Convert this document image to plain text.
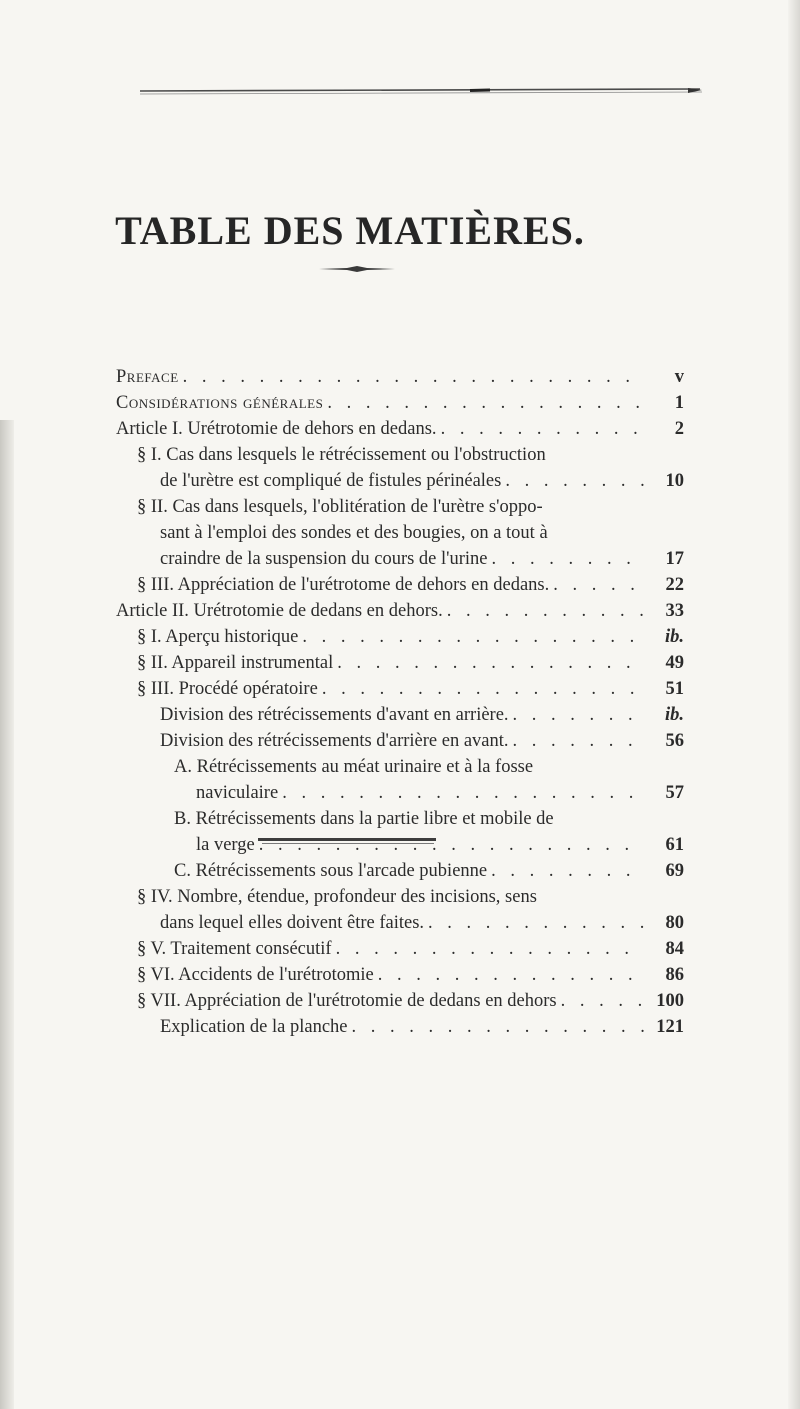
TABLE DES MATIÈRES.
Preface . . .	v
Considérations générales . . .	1
Article I. Urétrotomie de dehors en dedans. . . .	2
§ I. Cas dans lesquels le rétrécissement ou l'obstruction
de l'urètre est compliqué de fistules périnéales . . .	10
§ II. Cas dans lesquels, l'oblitération de l'urètre s'oppo-
sant à l'emploi des sondes et des bougies, on a tout à
craindre de la suspension du cours de l'urine . . .	17
§ III. Appréciation de l'urétrotome de dehors en dedans. . . .	22
Article II. Urétrotomie de dedans en dehors. . . .	33
§ I. Aperçu historique . . .	ib.
§ II. Appareil instrumental . . .	49
§ III. Procédé opératoire . . .	51
Division des rétrécissements d'avant en arrière. . . .	ib.
Division des rétrécissements d'arrière en avant. . . .	56
A. Rétrécissements au méat urinaire et à la fosse
naviculaire . . .	57
B. Rétrécissements dans la partie libre et mobile de
la verge . . .	61
C. Rétrécissements sous l'arcade pubienne . . .	69
§ IV. Nombre, étendue, profondeur des incisions, sens
dans lequel elles doivent être faites. . . .	80
§ V. Traitement consécutif . . .	84
§ VI. Accidents de l'urétrotomie . . .	86
§ VII. Appréciation de l'urétrotomie de dedans en dehors . . .	100
Explication de la planche . . .	121
